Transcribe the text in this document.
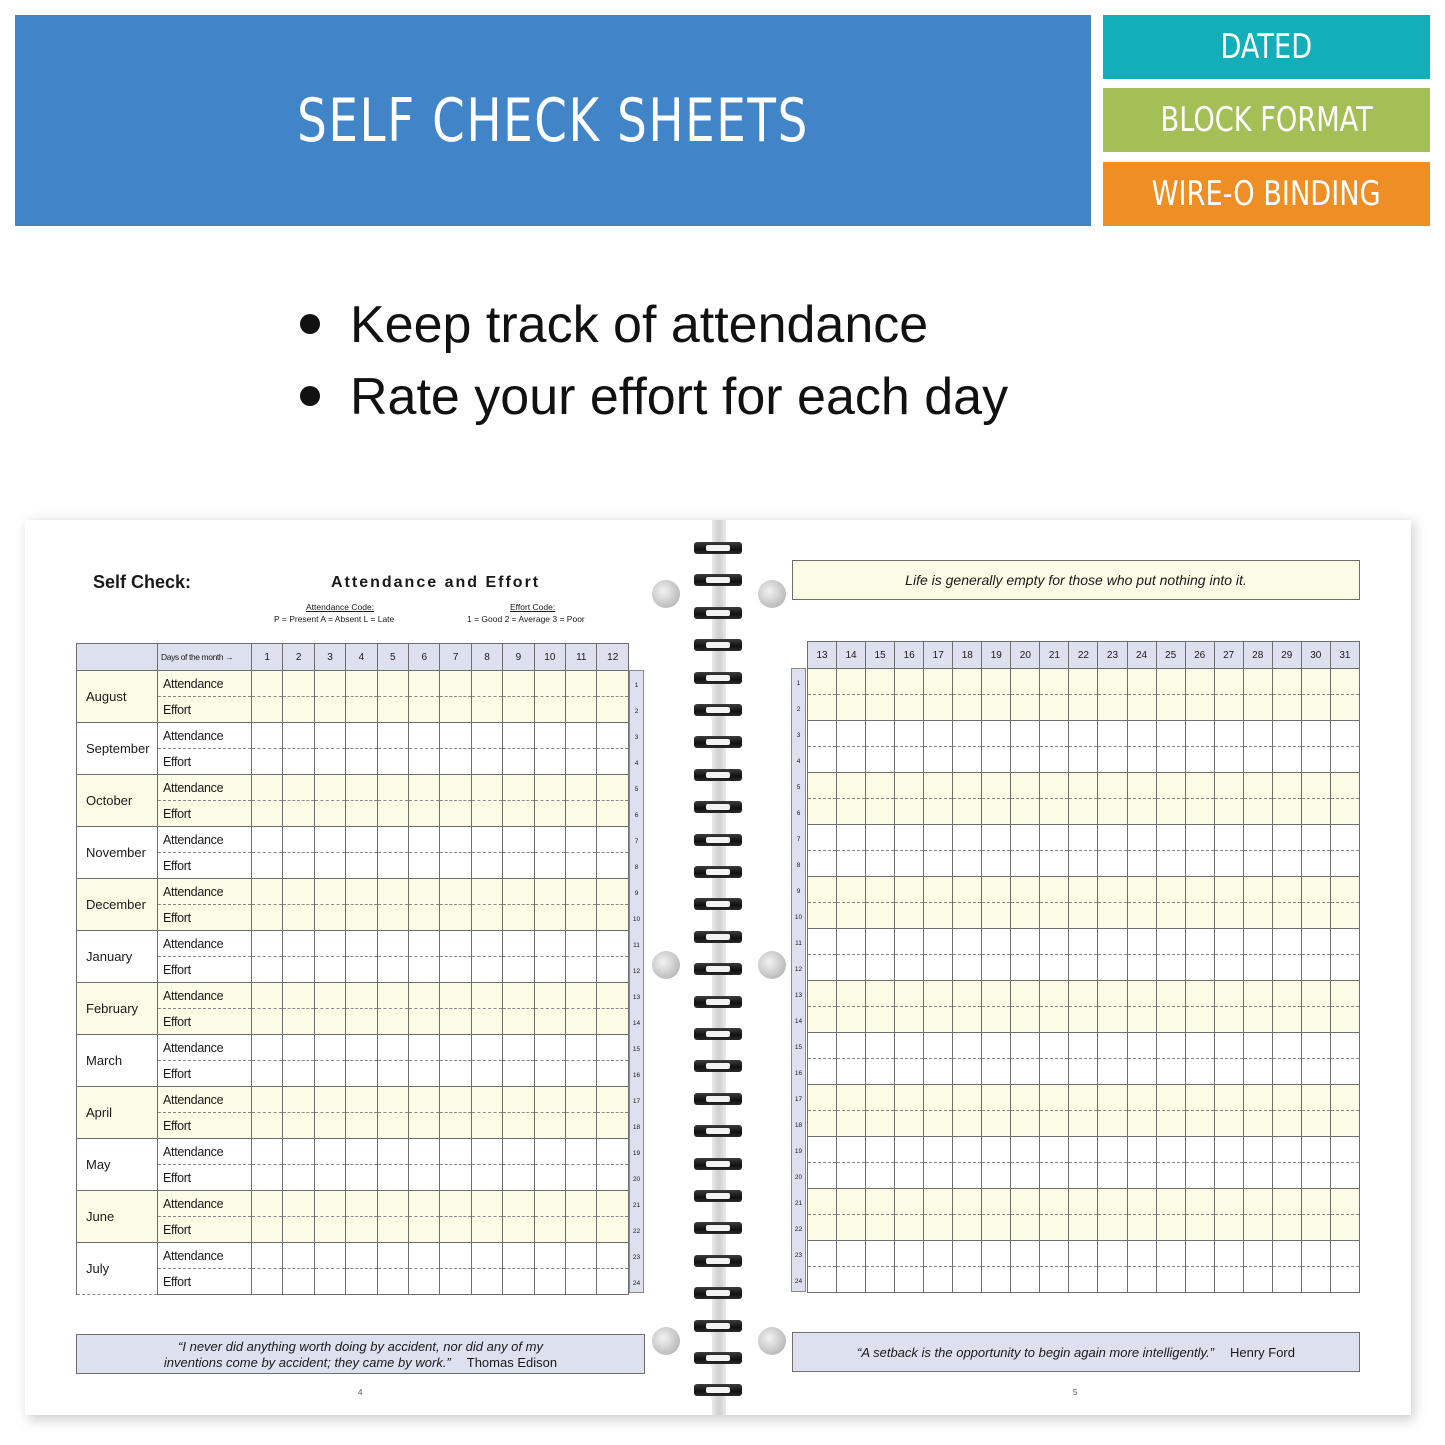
SELF CHECK SHEETS
DATED
BLOCK FORMAT
WIRE-O BINDING
Keep track of attendance
Rate your effort for each day
Self Check:	Attendance and Effort
Attendance Code:
P = Present A = Absent L = Late
Effort Code:
1 = Good 2 = Average 3 = Poor
	Days of the month →	1	2	3	4	5	6	7	8	9	10	11	12
August	Attendance												
	Effort												
September	Attendance												
	Effort												
October	Attendance												
	Effort												
November	Attendance												
	Effort												
December	Attendance												
	Effort												
January	Attendance												
	Effort												
February	Attendance												
	Effort												
March	Attendance												
	Effort												
April	Attendance												
	Effort												
May	Attendance												
	Effort												
June	Attendance												
	Effort												
July	Attendance												
	Effort												
1
2
3
4
5
6
7
8
9
10
11
12
13
14
15
16
17
18
19
20
21
22
23
24
Life is generally empty for those who put nothing into it.
13	14	15	16	17	18	19	20	21	22	23	24	25	26	27	28	29	30	31

1
2
3
4
5
6
7
8
9
10
11
12
13
14
15
16
17
18
19
20
21
22
23
24
“I never did anything worth doing by accident, nor did any of my
inventions come by accident; they came by work.” Thomas Edison
“A setback is the opportunity to begin again more intelligently.” Henry Ford
4	5
